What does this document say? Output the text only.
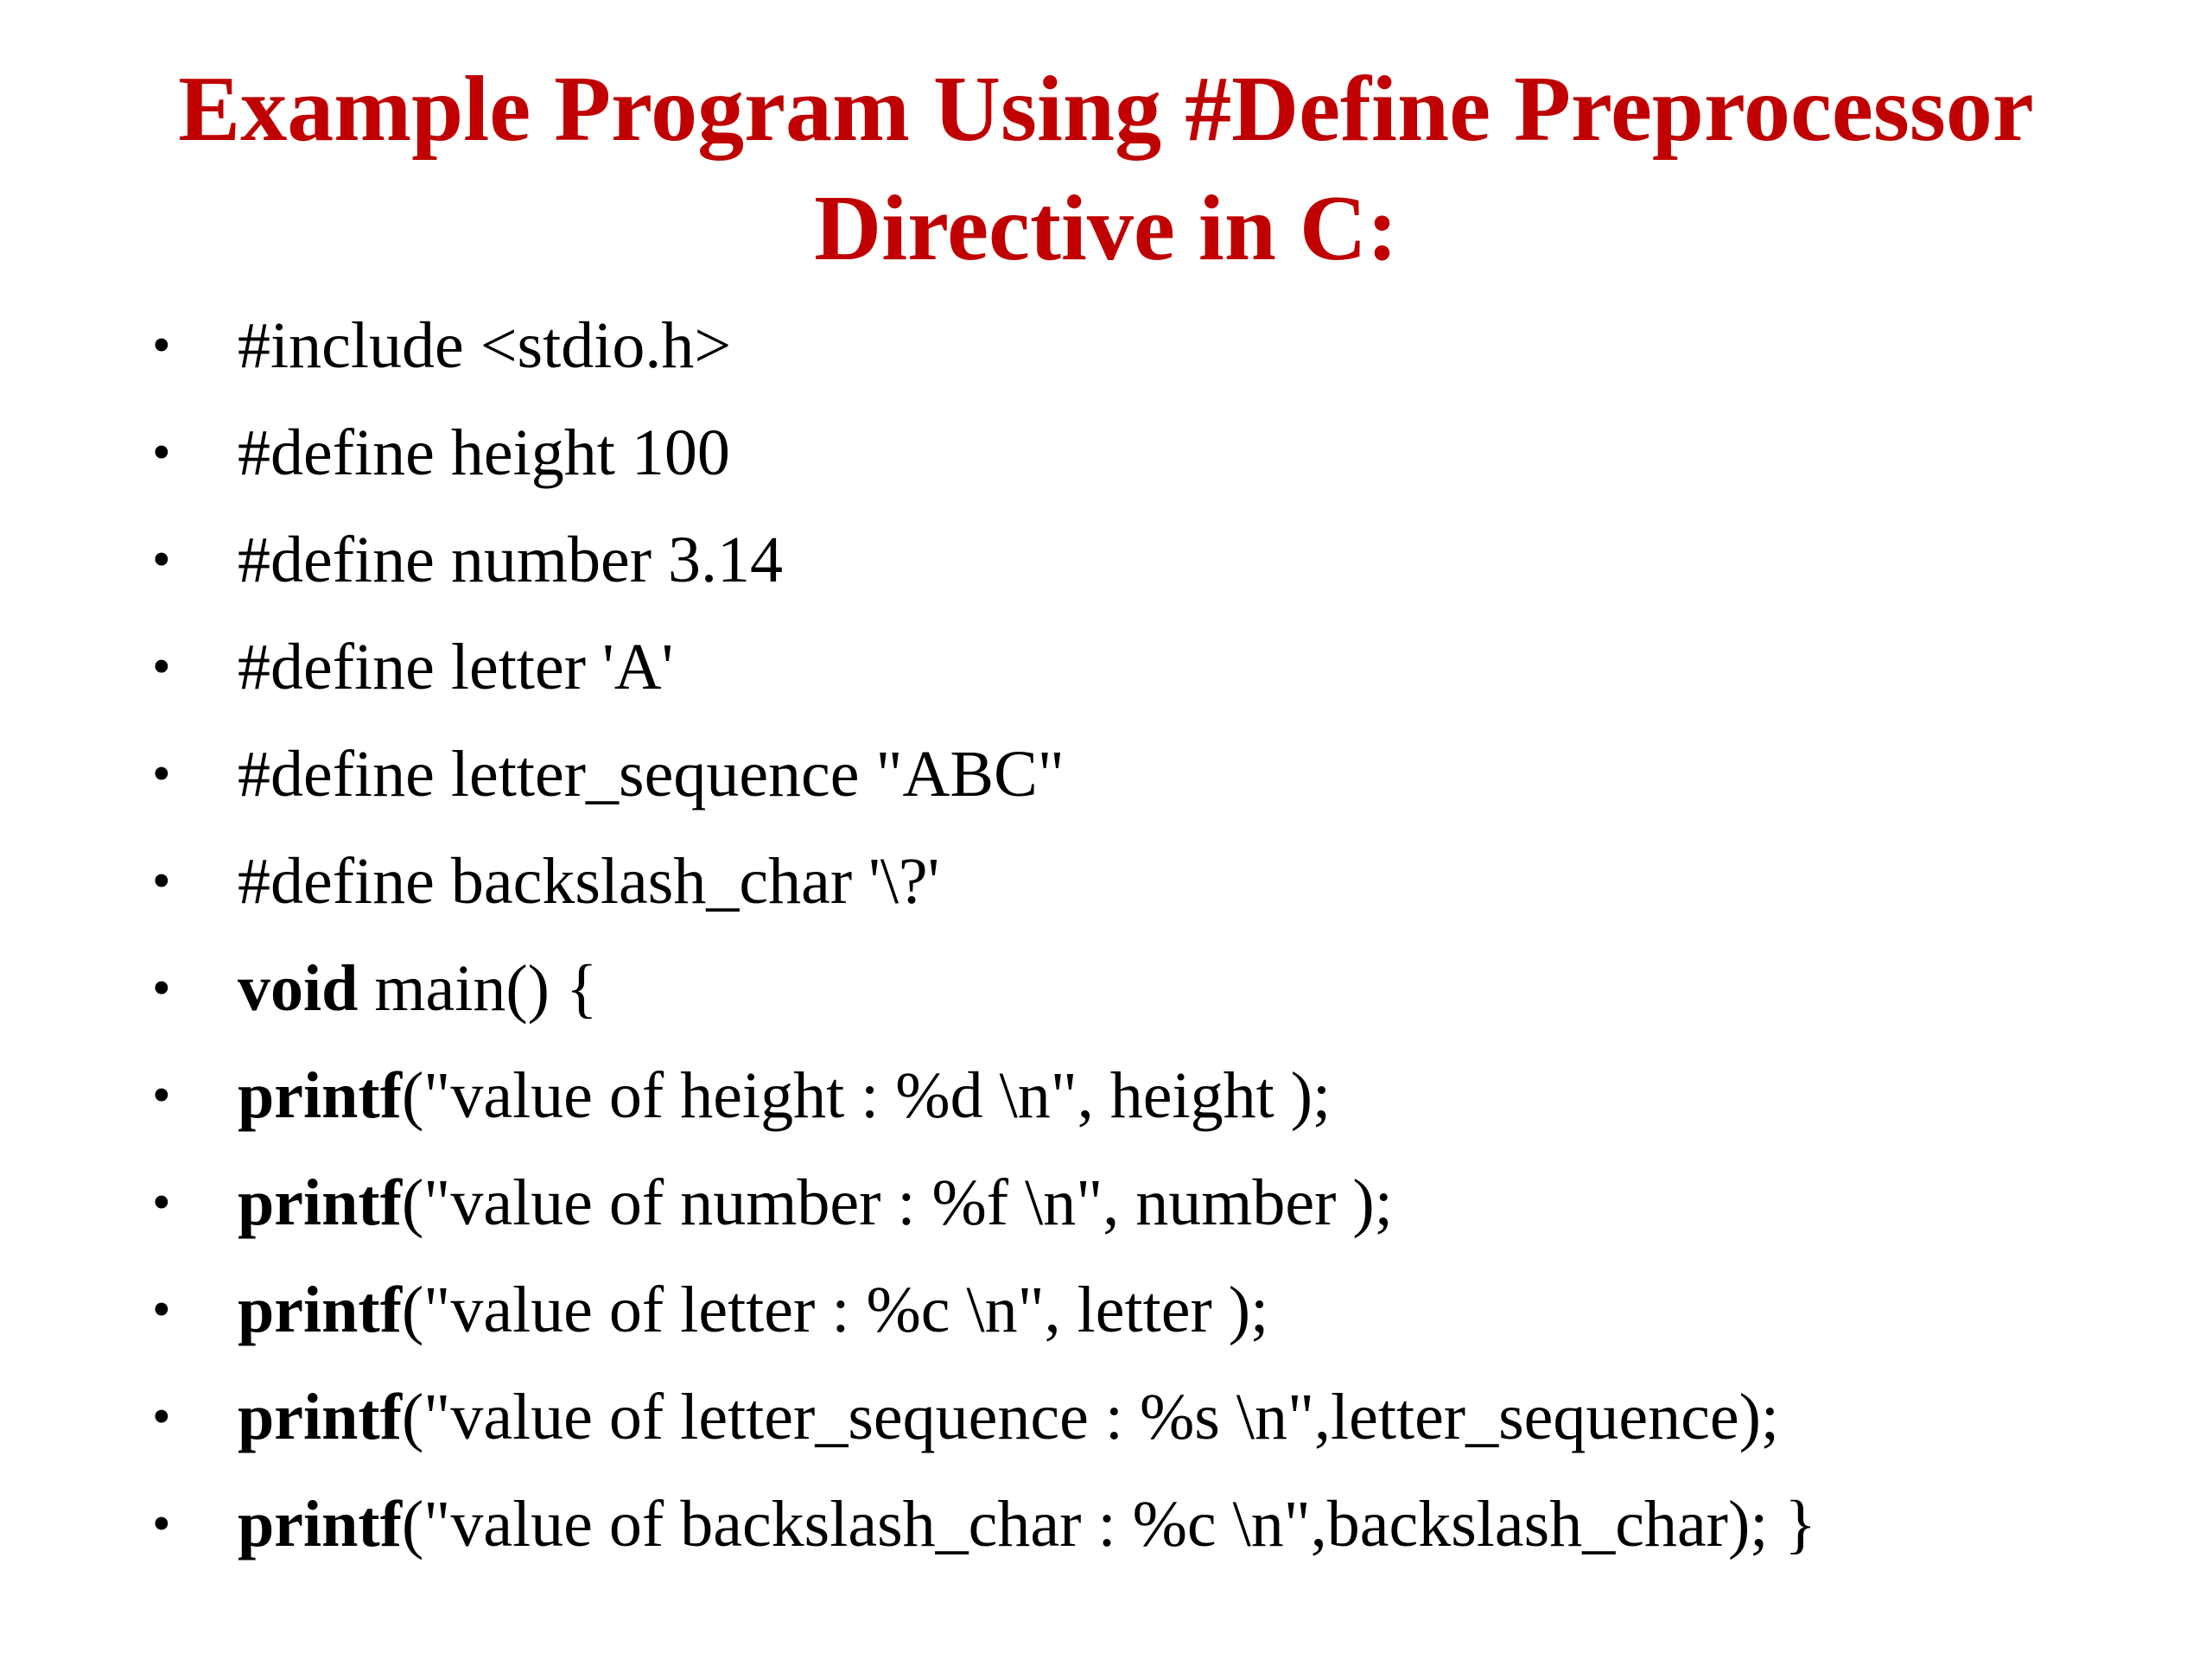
Example Program Using #Define Preprocessor
Directive in C:
• #include <stdio.h>
• #define height 100
• #define number 3.14
• #define letter 'A'
• #define letter_sequence "ABC"
• #define backslash_char '\?'
• void main() {
• printf("value of height : %d \n", height );
• printf("value of number : %f \n", number );
• printf("value of letter : %c \n", letter );
• printf("value of letter_sequence : %s \n",letter_sequence);
• printf("value of backslash_char : %c \n",backslash_char); }
